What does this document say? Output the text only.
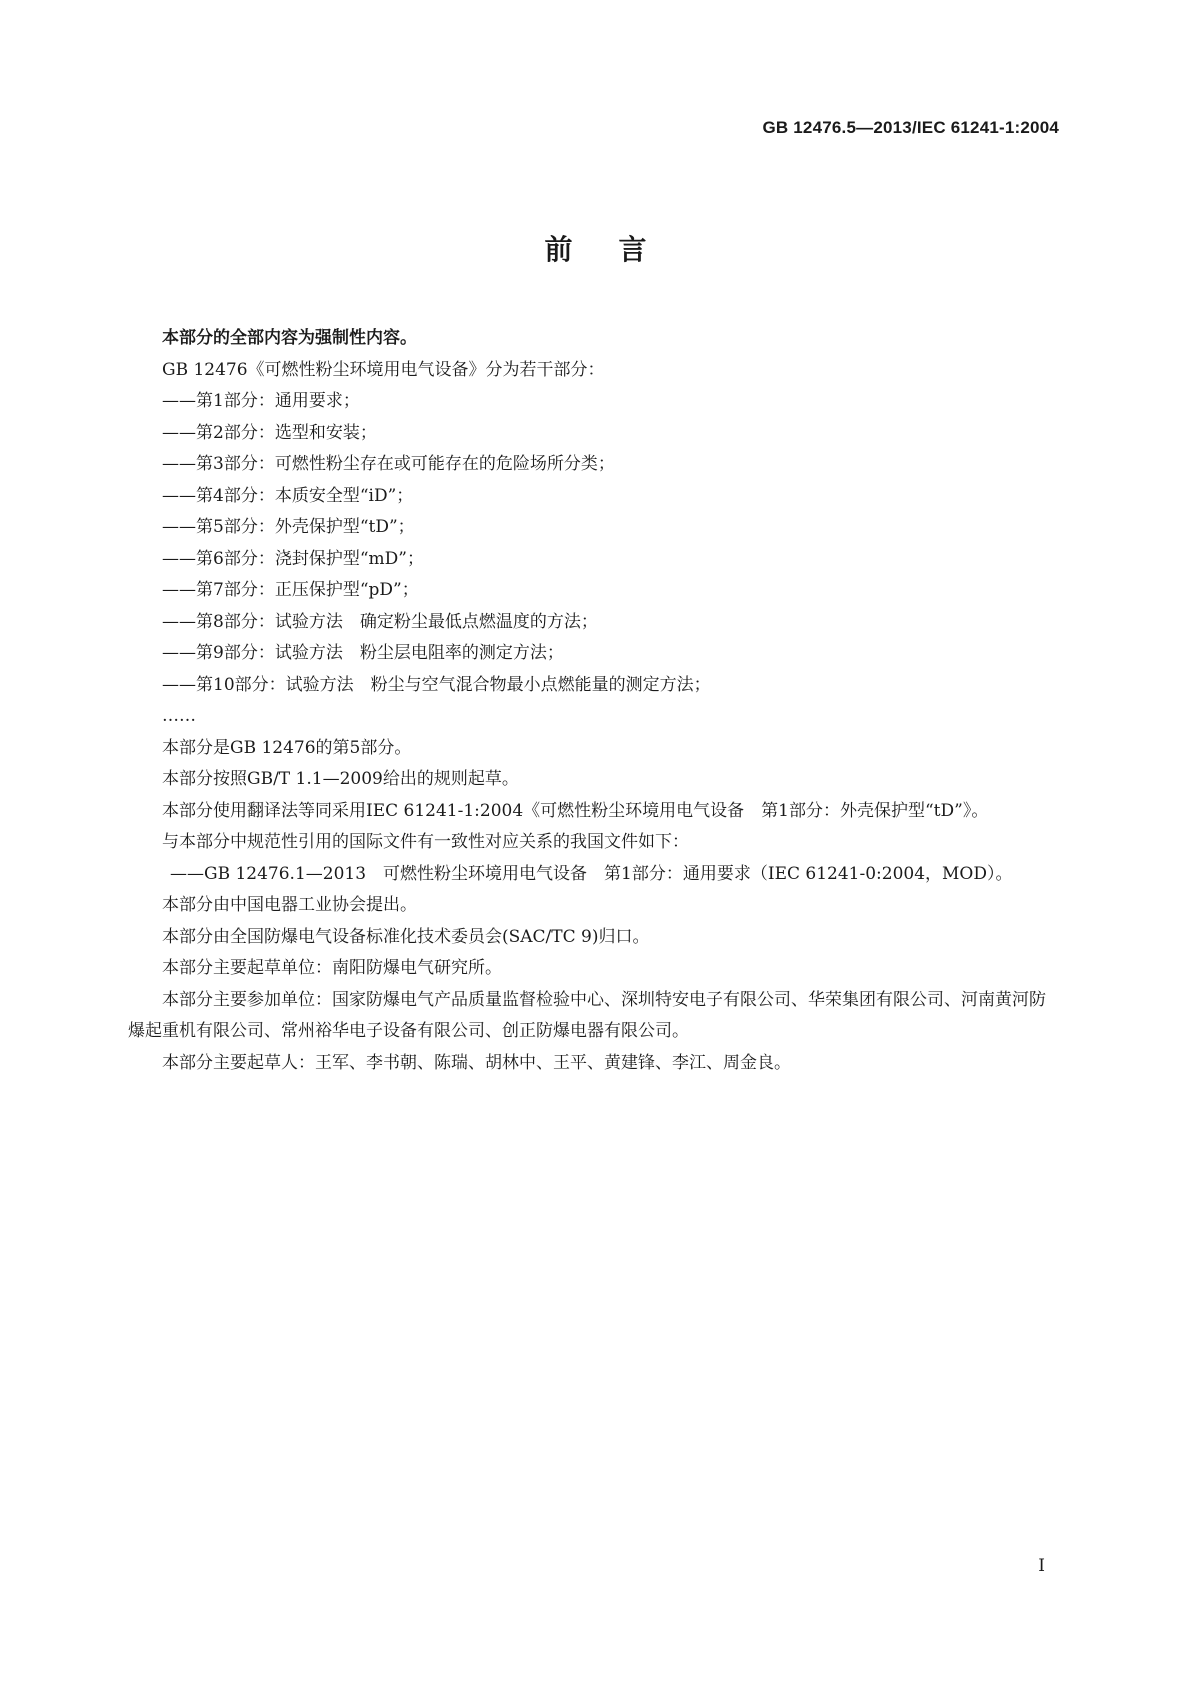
GB 12476.5—2013/IEC 61241-1:2004
前言

本部分的全部内容为强制性内容。

GB 12476《可燃性粉尘环境用电气设备》分为若干部分：

——第1部分：通用要求；

——第2部分：选型和安装；

——第3部分：可燃性粉尘存在或可能存在的危险场所分类；

——第4部分：本质安全型“iD”；

——第5部分：外壳保护型“tD”；

——第6部分：浇封保护型“mD”；

——第7部分：正压保护型“pD”；

——第8部分：试验方法　确定粉尘最低点燃温度的方法；

——第9部分：试验方法　粉尘层电阻率的测定方法；

——第10部分：试验方法　粉尘与空气混合物最小点燃能量的测定方法；

……

本部分是GB 12476的第5部分。

本部分按照GB/T 1.1—2009给出的规则起草。

本部分使用翻译法等同采用IEC 61241-1:2004《可燃性粉尘环境用电气设备　第1部分：外壳保护型“tD”》。

与本部分中规范性引用的国际文件有一致性对应关系的我国文件如下：

——GB 12476.1—2013　可燃性粉尘环境用电气设备　第1部分：通用要求（IEC 61241-0:2004，MOD）。

本部分由中国电器工业协会提出。

本部分由全国防爆电气设备标准化技术委员会(SAC/TC 9)归口。

本部分主要起草单位：南阳防爆电气研究所。

本部分主要参加单位：国家防爆电气产品质量监督检验中心、深圳特安电子有限公司、华荣集团有限公司、河南黄河防爆起重机有限公司、常州裕华电子设备有限公司、创正防爆电器有限公司。

本部分主要起草人：王军、李书朝、陈瑞、胡林中、王平、黄建锋、李江、周金良。

I
